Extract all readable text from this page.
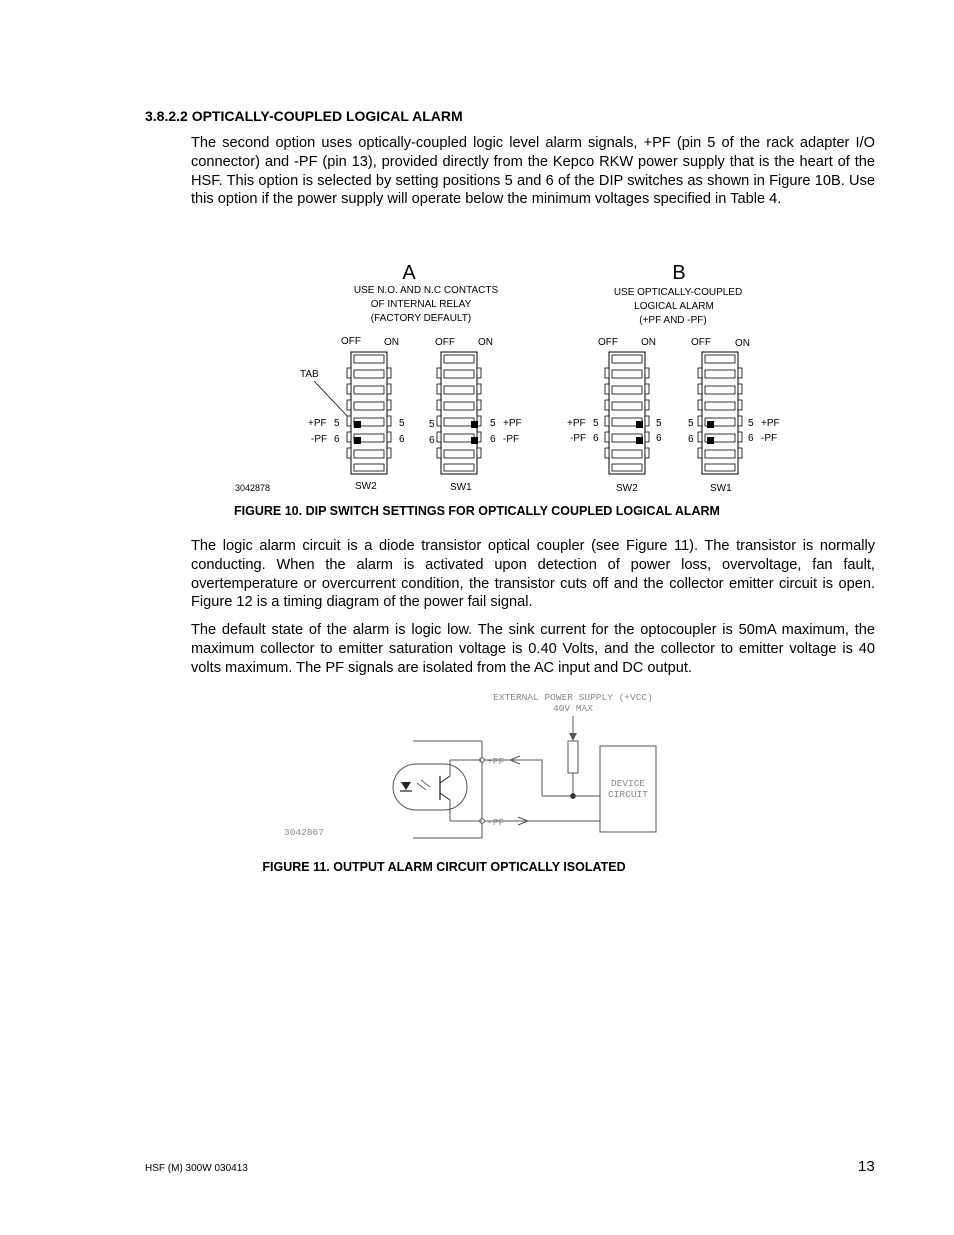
3.8.2.2 OPTICALLY-COUPLED LOGICAL ALARM

The second option uses optically-coupled logic level alarm signals, +PF (pin 5 of the rack adapter I/O connector) and -PF (pin 13), provided directly from the Kepco RKW power supply that is the heart of the HSF. This option is selected by setting positions 5 and 6 of the DIP switches as shown in Figure 10B. Use this option if the power supply will operate below the minimum voltages specified in Table 4.

A
USE N.O. AND N.C CONTACTS
OF INTERNAL RELAY
(FACTORY DEFAULT)
OFF ON	OFF ON
TAB
+PF 5
-PF 6
5
6
5
6
5
6
+PF
-PF
3042878	SW2	SW1
B
USE OPTICALLY-COUPLED
LOGICAL ALARM
(+PF AND -PF)
OFF ON	OFF ON
+PF 5
-PF 6
5
6
5
6
5
6
+PF
-PF
SW2	SW1
FIGURE 10. DIP SWITCH SETTINGS FOR OPTICALLY COUPLED LOGICAL ALARM

The logic alarm circuit is a diode transistor optical coupler (see Figure 11). The transistor is normally conducting. When the alarm is activated upon detection of power loss, overvoltage, fan fault, overtemperature or overcurrent condition, the transistor cuts off and the collector emitter circuit is open. Figure 12 is a timing diagram of the power fail signal.

The default state of the alarm is logic low. The sink current for the optocoupler is 50mA maximum, the maximum collector to emitter saturation voltage is 0.40 Volts, and the collector to emitter voltage is 40 volts maximum. The PF signals are isolated from the AC input and DC output.

EXTERNAL POWER SUPPLY (+VCC)
40V MAX
DEVICE
CIRCUIT
+PF
-PF
3042867
FIGURE 11. OUTPUT ALARM CIRCUIT OPTICALLY ISOLATED
HSF (M) 300W 030413	13
